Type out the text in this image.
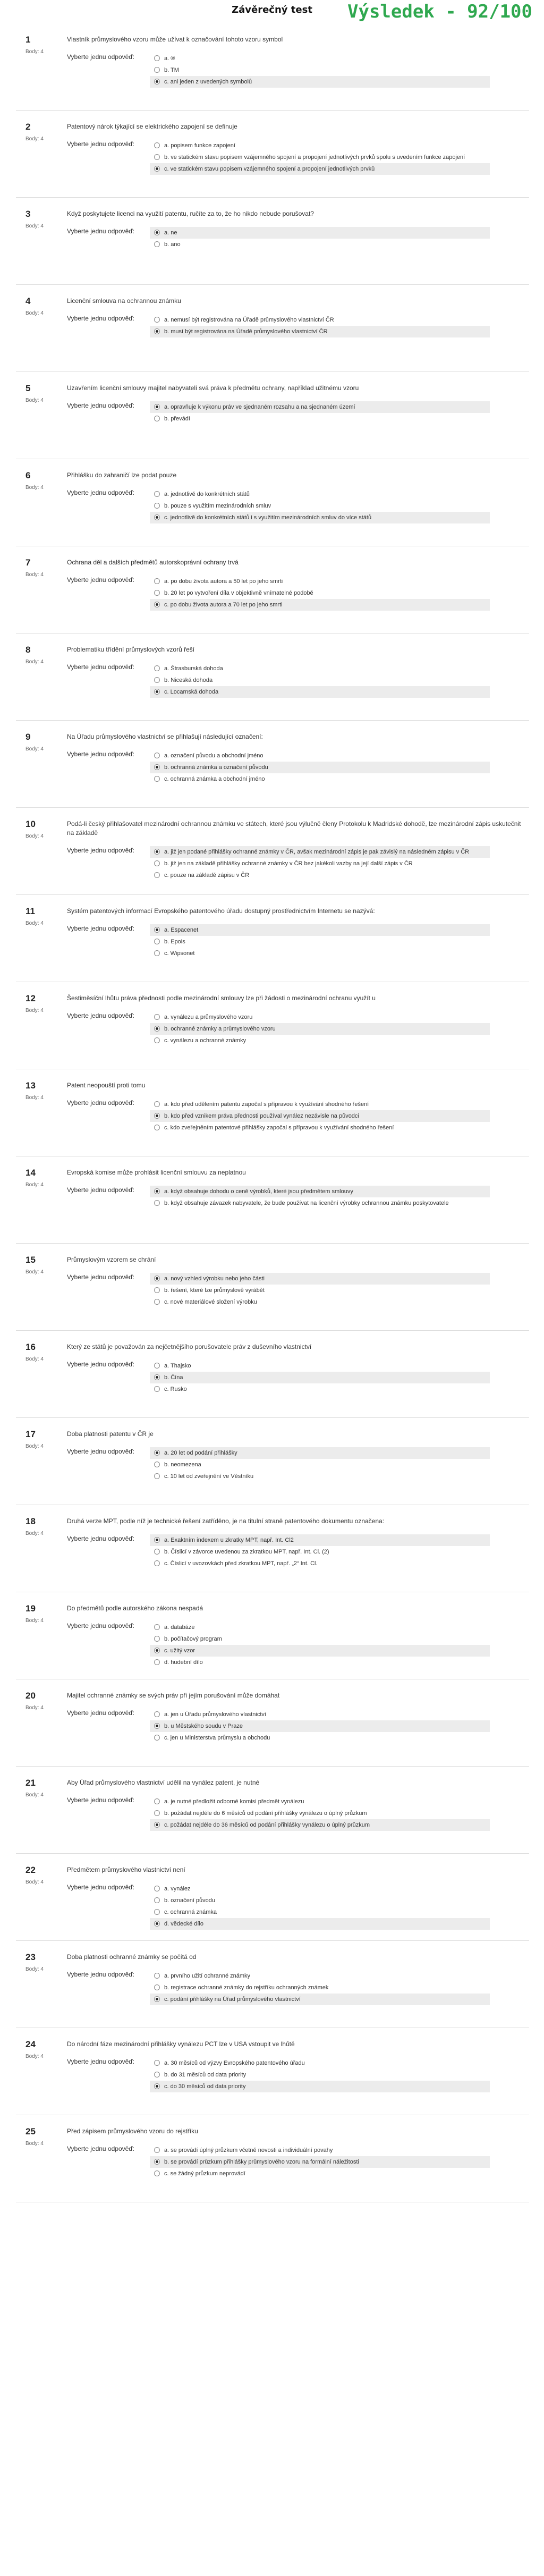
Závěrečný test	Výsledek - 92/100
1
Body: 4
Vlastník průmyslového vzoru může užívat k označování tohoto vzoru symbol
Vyberte jednu odpověď:	a. ®
b. TM
c. ani jeden z uvedených symbolů
2
Body: 4
Patentový nárok týkající se elektrického zapojení se definuje
Vyberte jednu odpověď:	a. popisem funkce zapojení
b. ve statickém stavu popisem vzájemného spojení a propojení jednotlivých prvků spolu s uvedením funkce zapojení
c. ve statickém stavu popisem vzájemného spojení a propojení jednotlivých prvků
3
Body: 4
Když poskytujete licenci na využití patentu, ručíte za to, že ho nikdo nebude porušovat?
Vyberte jednu odpověď:	a. ne
b. ano
4
Body: 4
Licenční smlouva na ochrannou známku
Vyberte jednu odpověď:	a. nemusí být registrována na Úřadě průmyslového vlastnictví ČR
b. musí být registrována na Úřadě průmyslového vlastnictví ČR
5
Body: 4
Uzavřením licenční smlouvy majitel nabyvateli svá práva k předmětu ochrany, například užitnému vzoru
Vyberte jednu odpověď:	a. opravňuje k výkonu práv ve sjednaném rozsahu a na sjednaném území
b. převádí
6
Body: 4
Přihlášku do zahraničí lze podat pouze
Vyberte jednu odpověď:	a. jednotlivě do konkrétních států
b. pouze s využitím mezinárodních smluv
c. jednotlivě do konkrétních států i s využitím mezinárodních smluv do více států
7
Body: 4
Ochrana děl a dalších předmětů autorskoprávní ochrany trvá
Vyberte jednu odpověď:	a. po dobu života autora a 50 let po jeho smrti
b. 20 let po vytvoření díla v objektivně vnímatelné podobě
c. po dobu života autora a 70 let po jeho smrti
8
Body: 4
Problematiku třídění průmyslových vzorů řeší
Vyberte jednu odpověď:	a. Štrasburská dohoda
b. Niceská dohoda
c. Locarnská dohoda
9
Body: 4
Na Úřadu průmyslového vlastnictví se přihlašují následující označení:
Vyberte jednu odpověď:	a. označení původu a obchodní jméno
b. ochranná známka a označení původu
c. ochranná známka a obchodní jméno
10
Body: 4
Podá-li český přihlašovatel mezinárodní ochrannou známku ve státech, které jsou výlučně členy Protokolu k Madridské dohodě, lze mezinárodní zápis uskutečnit na základě
Vyberte jednu odpověď:	a. již jen podané přihlášky ochranné známky v ČR, avšak mezinárodní zápis je pak závislý na následném zápisu v ČR
b. již jen na základě přihlášky ochranné známky v ČR bez jakékoli vazby na její další zápis v ČR
c. pouze na základě zápisu v ČR
11
Body: 4
Systém patentových informací Evropského patentového úřadu dostupný prostřednictvím Internetu se nazývá:
Vyberte jednu odpověď:	a. Espacenet
b. Epois
c. Wipsonet
12
Body: 4
Šestiměsíční lhůtu práva přednosti podle mezinárodní smlouvy lze při žádosti o mezinárodní ochranu využít u
Vyberte jednu odpověď:	a. vynálezu a průmyslového vzoru
b. ochranné známky a průmyslového vzoru
c. vynálezu a ochranné známky
13
Body: 4
Patent neopouští proti tomu
Vyberte jednu odpověď:	a. kdo před udělením patentu započal s přípravou k využívání shodného řešení
b. kdo před vznikem práva přednosti používal vynález nezávisle na původci
c. kdo zveřejněním patentové přihlášky započal s přípravou k využívání shodného řešení
14
Body: 4
Evropská komise může prohlásit licenční smlouvu za neplatnou
Vyberte jednu odpověď:	a. když obsahuje dohodu o ceně výrobků, které jsou předmětem smlouvy
b. když obsahuje závazek nabyvatele, že bude používat na licenční výrobky ochrannou známku poskytovatele
15
Body: 4
Průmyslovým vzorem se chrání
Vyberte jednu odpověď:	a. nový vzhled výrobku nebo jeho části
b. řešení, které lze průmyslově vyrábět
c. nové materiálové složení výrobku
16
Body: 4
Který ze států je považován za nejčetnějšího porušovatele práv z duševního vlastnictví
Vyberte jednu odpověď:	a. Thajsko
b. Čína
c. Rusko
17
Body: 4
Doba platnosti patentu v ČR je
Vyberte jednu odpověď:	a. 20 let od podání přihlášky
b. neomezena
c. 10 let od zveřejnění ve Věstníku
18
Body: 4
Druhá verze MPT, podle níž je technické řešení zatříděno, je na titulní straně patentového dokumentu označena:
Vyberte jednu odpověď:	a. Exaktním indexem u zkratky MPT, např. Int. Cl2
b. Číslicí v závorce uvedenou za zkratkou MPT, např. Int. Cl. (2)
c. Číslicí v uvozovkách před zkratkou MPT, např. „2“ Int. Cl.
19
Body: 4
Do předmětů podle autorského zákona nespadá
Vyberte jednu odpověď:	a. databáze
b. počítačový program
c. užitý vzor
d. hudební dílo
20
Body: 4
Majitel ochranné známky se svých práv při jejím porušování může domáhat
Vyberte jednu odpověď:	a. jen u Úřadu průmyslového vlastnictví
b. u Městského soudu v Praze
c. jen u Ministerstva průmyslu a obchodu
21
Body: 4
Aby Úřad průmyslového vlastnictví udělil na vynález patent, je nutné
Vyberte jednu odpověď:	a. je nutné předložit odborné komisi předmět vynálezu
b. požádat nejdéle do 6 měsíců od podání přihlášky vynálezu o úplný průzkum
c. požádat nejdéle do 36 měsíců od podání přihlášky vynálezu o úplný průzkum
22
Body: 4
Předmětem průmyslového vlastnictví není
Vyberte jednu odpověď:	a. vynález
b. označení původu
c. ochranná známka
d. vědecké dílo
23
Body: 4
Doba platnosti ochranné známky se počítá od
Vyberte jednu odpověď:	a. prvního užití ochranné známky
b. registrace ochranné známky do rejstříku ochranných známek
c. podání přihlášky na Úřad průmyslového vlastnictví
24
Body: 4
Do národní fáze mezinárodní přihlášky vynálezu PCT lze v USA vstoupit ve lhůtě
Vyberte jednu odpověď:	a. 30 měsíců od výzvy Evropského patentového úřadu
b. do 31 měsíců od data priority
c. do 30 měsíců od data priority
25
Body: 4
Před zápisem průmyslového vzoru do rejstříku
Vyberte jednu odpověď:	a. se provádí úplný průzkum včetně novosti a individuální povahy
b. se provádí průzkum přihlášky průmyslového vzoru na formální náležitosti
c. se žádný průzkum neprovádí
